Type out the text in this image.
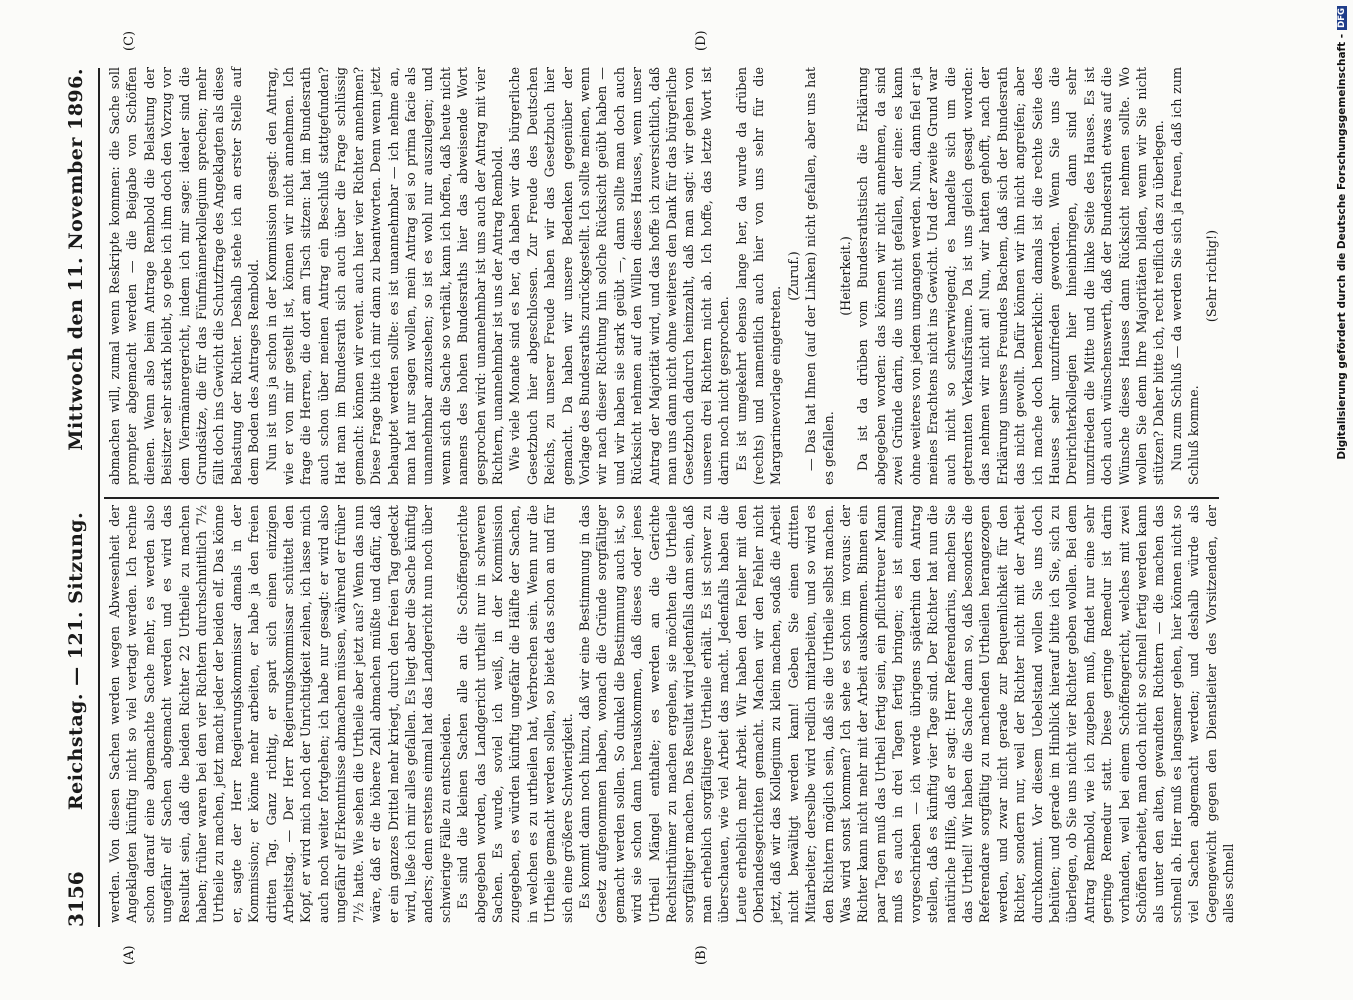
3156
Reichstag. — 121. Sitzung.
Mittwoch den 11. November 1896.
(A)	(B)
(C)	(D)

werden. Von diesen Sachen werden wegen Abwesenheit der Angeklagten künftig nicht so viel vertagt werden. Ich rechne schon darauf eine abgemachte Sache mehr, es werden also ungefähr elf Sachen abgemacht werden und es wird das Resultat sein, daß die beiden Richter 22 Urtheile zu machen haben; früher waren bei den vier Richtern durchschnittlich 7½ Urtheile zu machen, jetzt macht jeder der beiden elf. Das könne er, sagte der Herr Regierungskommissar damals in der Kommission; er könne mehr arbeiten, er habe ja den freien dritten Tag. Ganz richtig, er spart sich einen einzigen Arbeitstag. — Der Herr Regierungskommissar schüttelt den Kopf, er wird mich noch der Unrichtigkeit zeihen, ich lasse mich auch noch weiter fortgehen; ich habe nur gesagt: er wird also ungefähr elf Erkenntnisse abmachen müssen, während er früher 7½ hatte. Wie sehen die Urtheile aber jetzt aus? Wenn das nun wäre, daß er die höhere Zahl abmachen müßte und dafür, daß er ein ganzes Drittel mehr kriegt, durch den freien Tag gedeckt wird, ließe ich mir alles gefallen. Es liegt aber die Sache künftig anders; denn erstens einmal hat das Landgericht nun noch über schwierige Fälle zu entscheiden. Es sind die kleinen Sachen alle an die Schöffengerichte abgegeben worden, das Landgericht urtheilt nur in schweren Sachen. Es wurde, soviel ich weiß, in der Kommission zugegeben, es würden künftig ungefähr die Hälfte der Sachen, in welchen es zu urtheilen hat, Verbrechen sein. Wenn nur die Urtheile gemacht werden sollen, so bietet das schon an und für sich eine größere Schwierigkeit. Es kommt dann noch hinzu, daß wir eine Bestimmung in das Gesetz aufgenommen haben, wonach die Gründe sorgfältiger gemacht werden sollen. So dunkel die Bestimmung auch ist, so wird sie schon dann herauskommen, daß dieses oder jenes Urtheil Mängel enthalte; es werden an die Gerichte Rechtsirthümer zu machen ergehen, sie möchten die Urtheile sorgfältiger machen. Das Resultat wird jedenfalls dann sein, daß man erheblich sorgfältigere Urtheile erhält. Es ist schwer zu überschauen, wie viel Arbeit das macht. Jedenfalls haben die Leute erheblich mehr Arbeit. Wir haben den Fehler mit den Oberlandesgerichten gemacht. Machen wir den Fehler nicht jetzt, daß wir das Kollegium zu klein machen, sodaß die Arbeit nicht bewältigt werden kann! Geben Sie einen dritten Mitarbeiter; derselbe wird redlich mitarbeiten, und so wird es den Richtern möglich sein, daß sie die Urtheile selbst machen. Was wird sonst kommen? Ich sehe es schon im voraus: der Richter kann nicht mehr mit der Arbeit auskommen. Binnen ein paar Tagen muß das Urtheil fertig sein, ein pflichttreuer Mann muß es auch in drei Tagen fertig bringen; es ist einmal vorgeschrieben — ich werde übrigens späterhin den Antrag stellen, daß es künftig vier Tage sind. Der Richter hat nun die natürliche Hilfe, daß er sagt: Herr Referendarius, machen Sie das Urtheil! Wir haben die Sache dann so, daß besonders die Referendare sorgfältig zu machenden Urtheilen herangezogen werden, und zwar nicht gerade zur Bequemlichkeit für den Richter, sondern nur, weil der Richter nicht mit der Arbeit durchkommt. Vor diesem Uebelstand wollen Sie uns doch behüten; und gerade im Hinblick hierauf bitte ich Sie, sich zu überlegen, ob Sie uns nicht vier Richter geben wollen. Bei dem Antrag Rembold, wie ich zugeben muß, findet nur eine sehr geringe Remedur statt. Diese geringe Remedur ist darin vorhanden, weil bei einem Schöffengericht, welches mit zwei Schöffen arbeitet, man doch nicht so schnell fertig werden kann als unter den alten, gewandten Richtern — die machen das schnell ab. Hier muß es langsamer gehen, hier können nicht so viel Sachen abgemacht werden; und deshalb würde als Gegengewicht gegen den Dienstleiter des Vorsitzenden, der alles schnell

abmachen will, zumal wenn Reskripte kommen: die Sache soll prompter abgemacht werden — die Beigabe von Schöffen dienen. Wenn also beim Antrage Rembold die Belastung der Beisitzer sehr stark bleibt, so gebe ich ihm doch den Vorzug vor dem Viermännergericht, indem ich mir sage: idealer sind die Grundsätze, die für das Fünfmännerkollegium sprechen; mehr fällt doch ins Gewicht die Schutzfrage des Angeklagten als diese Belastung der Richter. Deshalb stehe ich an erster Stelle auf dem Boden des Antrages Rembold. Nun ist uns ja schon in der Kommission gesagt: den Antrag, wie er von mir gestellt ist, können wir nicht annehmen. Ich frage die Herren, die dort am Tisch sitzen: hat im Bundesrath auch schon über meinen Antrag ein Beschluß stattgefunden? Hat man im Bundesrath sich auch über die Frage schlüssig gemacht: können wir event. auch hier vier Richter annehmen? Diese Frage bitte ich mir dann zu beantworten. Denn wenn jetzt behauptet werden sollte: es ist unannehmbar — ich nehme an, man hat nur sagen wollen, mein Antrag sei so prima facie als unannehmbar anzusehen; so ist es wohl nur auszulegen; und wenn sich die Sache so verhält, kann ich hoffen, daß heute nicht namens des hohen Bundesraths hier das abweisende Wort gesprochen wird: unannehmbar ist uns auch der Antrag mit vier Richtern, unannehmbar ist uns der Antrag Rembold. Wie viele Monate sind es her, da haben wir das bürgerliche Gesetzbuch hier abgeschlossen. Zur Freude des Deutschen Reichs, zu unserer Freude haben wir das Gesetzbuch hier gemacht. Da haben wir unsere Bedenken gegenüber der Vorlage des Bundesraths zurückgestellt. Ich sollte meinen, wenn wir nach dieser Richtung hin solche Rücksicht geübt haben — und wir haben sie stark geübt —, dann sollte man doch auch Rücksicht nehmen auf den Willen dieses Hauses, wenn unser Antrag der Majorität wird, und das hoffe ich zuversichtlich, daß man uns dann nicht ohne weiteres den Dank für das bürgerliche Gesetzbuch dadurch heimzahlt, daß man sagt: wir gehen von unseren drei Richtern nicht ab. Ich hoffe, das letzte Wort ist darin noch nicht gesprochen. Es ist umgekehrt ebenso lange her, da wurde da drüben (rechts) und namentlich auch hier von uns sehr für die Margarinevorlage eingetreten.

(Zuruf.) — Das hat Ihnen (auf der Linken) nicht gefallen, aber uns hat es gefallen.

(Heiterkeit.) Da ist da drüben vom Bundesrathstisch die Erklärung abgegeben worden: das können wir nicht annehmen, da sind zwei Gründe darin, die uns nicht gefallen, der eine: es kann ohne weiteres von jedem umgangen werden. Nun, dann fiel er ja meines Erachtens nicht ins Gewicht. Und der zweite Grund war auch nicht so schwerwiegend; es handelte sich um die getrennten Verkaufsräume. Da ist uns gleich gesagt worden: das nehmen wir nicht an! Nun, wir hatten gehofft, nach der Erklärung unseres Freundes Bachem, daß sich der Bundesrath das nicht gewollt. Dafür können wir ihn nicht angreifen; aber ich mache doch bemerklich: damals ist die rechte Seite des Hauses sehr unzufrieden geworden. Wenn Sie uns die Dreirichterkollegien hier hineinbringen, dann sind sehr unzufrieden die Mitte und die linke Seite des Hauses. Es ist doch auch wünschenswerth, daß der Bundesrath etwas auf die Wünsche dieses Hauses dann Rücksicht nehmen sollte. Wo wollen Sie denn Ihre Majoritäten bilden, wenn wir Sie nicht stützen? Daher bitte ich, recht reiflich das zu überlegen. Nun zum Schluß — da werden Sie sich ja freuen, daß ich zum Schluß komme.

(Sehr richtig!)	Digitalisierung gefördert durch die Deutsche Forschungsgemeinschaft -DFG
